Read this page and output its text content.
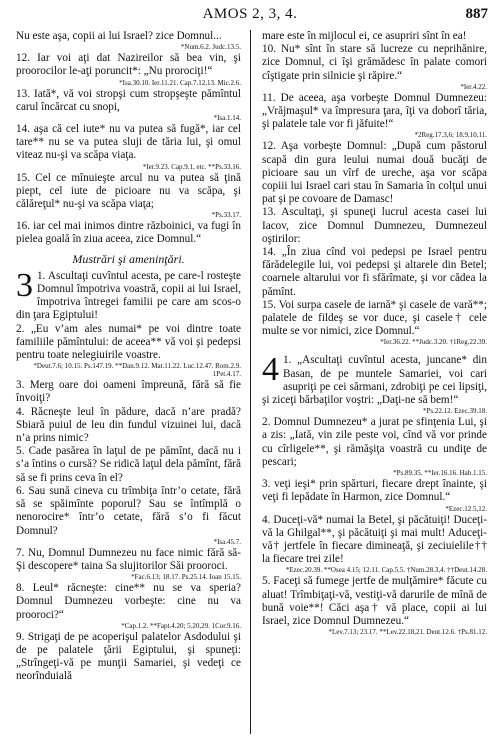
AMOS 2, 3, 4.	887
Nu este aşa, copii ai lui Israel? zice Domnul...
*Num.6.2. Judc.13.5.
12. Iar voi aţi dat Nazireilor să bea vin, şi proorocilor le-aţi poruncit*: „Nu prorociţi!“
*Isa.30.10. Ier.11.21. Cap.7.12,13. Mic.2.6.
13. Iată*, vă voi stropşi cum stropşeşte pămîntul carul încărcat cu snopi,
*Isa.1.14.
14. aşa că cel iute* nu va putea să fugă*, iar cel tare** nu se va putea sluji de tăria lui, şi omul viteaz nu-şi va scăpa viaţa.
*Ier.9.23. Cap.9.1, etc. **Ps.33.16.
15. Cel ce mînuieşte arcul nu va putea să ţină piept, cel iute de picioare nu va scăpa, şi călăreţul* nu-şi va scăpa viaţa;
*Ps.33.17.
16. iar cel mai inimos dintre războinici, va fugi în pielea goală în ziua aceea, zice Domnul.“
Mustrări şi ameninţări.
3 1. Ascultaţi cuvîntul acesta, pe care-l rosteşte Domnul împotriva voastră, copii ai lui Israel, împotriva întregei familii pe care am scos-o din ţara Egiptului!
2. „Eu v’am ales numai* pe voi dintre toate familiile pămîntului: de aceea** vă voi şi pedepsi pentru toate nelegiuirile voastre.
*Deut.7.6; 10.15. Ps.147.19. **Dan.9.12. Mat.11.22. Luc.12.47. Rom.2.9. 1Pet.4.17.
3. Merg oare doi oameni împreună, fără să fie învoiţi?
4. Răcneşte leul în pădure, dacă n’are pradă? Sbiară puiul de leu din fundul vizuinei lui, dacă n’a prins nimic?
5. Cade pasărea în laţul de pe pămînt, dacă nu i s’a întins o cursă? Se ridică laţul dela pămînt, fără să se fi prins ceva în el?
6. Sau sună cineva cu trîmbiţa într’o cetate, fără să se spăimînte poporul? Sau se întîmplă o nenorocire* într’o cetate, fără s’o fi făcut Domnul?
*Isa.45.7.
7. Nu, Domnul Dumnezeu nu face nimic fără să-Şi descopere* taina Sa slujitorilor Săi prooroci.
*Fac.6.13; 18.17. Ps.25.14. Ioan 15.15.
8. Leul* răcneşte: cine** nu se va speria? Domnul Dumnezeu vorbeşte: cine nu va prooroci?“
*Cap.1.2. **Fapt.4.20; 5.20,29. 1Cor.9.16.
9. Strigaţi de pe acoperişul palatelor Asdodului şi de pe palatele ţării Egiptului, şi spuneţi: „Strîngeţi-vă pe munţii Samariei, şi vedeţi ce neorînduială
mare este în mijlocul ei, ce asupriri sînt în ea!
10. Nu* sînt în stare să lucreze cu neprihănire, zice Domnul, ci îşi grămădesc în palate comori cîştigate prin silnicie şi răpire.“
*Ier.4.22.
11. De aceea, aşa vorbeşte Domnul Dumnezeu: „Vrăjmaşul* va împresura ţara, îţi va doborî tăria, şi palatele tale vor fi jăfuite!“
*2Reg.17.3,6; 18.9,10,11.
12. Aşa vorbeşte Domnul: „După cum păstorul scapă din gura leului numai două bucăţi de picioare sau un vîrf de ureche, aşa vor scăpa copiii lui Israel cari stau în Samaria în colţul unui pat şi pe covoare de Damasc!
13. Ascultaţi, şi spuneţi lucrul acesta casei lui Iacov, zice Domnul Dumnezeu, Dumnezeul oştirilor:
14. „În ziua cînd voi pedepsi pe Israel pentru fărădelegile lui, voi pedepsi şi altarele din Betel; coarnele altarului vor fi sfărîmate, şi vor cădea la pămînt.
15. Voi surpa casele de iarnă* şi casele de vară**; palatele de fildeş se vor duce, şi casele† cele multe se vor nimici, zice Domnul.“
*Ier.36.22. **Judc.3.20. †1Reg.22.39.
4 1. „Ascultaţi cuvîntul acesta, juncane* din Basan, de pe muntele Samariei, voi cari asupriţi pe cei sărmani, zdrobiţi pe cei lipsiţi, şi ziceţi bărbaţilor voştri: „Daţi-ne să bem!“
*Ps.22.12. Ezec.39.18.
2. Domnul Dumnezeu* a jurat pe sfinţenia Lui, şi a zis: „Iată, vin zile peste voi, cînd vă vor prinde cu cîrligele**, şi rămăşiţa voastră cu undiţe de pescari;
*Ps.89.35. **Ier.16.16. Hab.1.15.
3. veţi ieşi* prin spărturi, fiecare drept înainte, şi veţi fi lepădate în Harmon, zice Domnul.“
*Ezec.12.5,12.
4. Duceţi-vă* numai la Betel, şi păcătuiţi! Duceţi-vă la Ghilgal**, şi păcătuiţi şi mai mult! Aduceţi-vă† jertfele în fiecare dimineaţă, şi zeciuielile†† la fiecare trei zile!
*Ezec.20.39. **Osea 4.15; 12.11. Cap.5.5. †Num.28.3,4. ††Deut.14.28.
5. Faceţi să fumege jertfe de mulţămire* făcute cu aluat! Trîmbiţaţi-vă, vestiţi-vă darurile de mînă de bună voie**! Căci aşa† vă place, copii ai lui Israel, zice Domnul Dumnezeu.“
*Lev.7.13; 23.17. **Lev.22.18,21. Deut.12.6. †Ps.81.12.
